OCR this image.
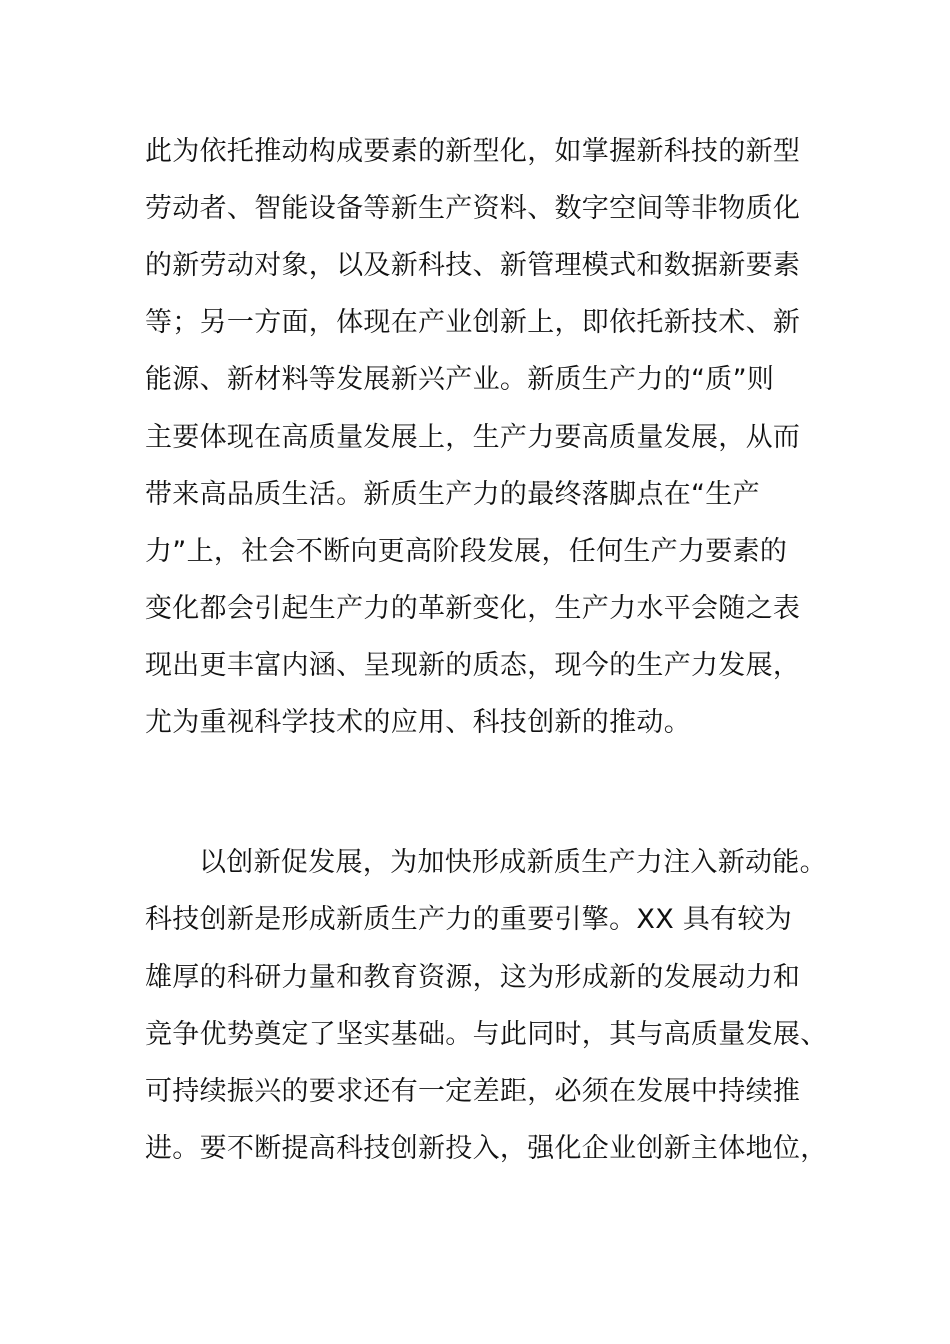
此为依托推动构成要素的新型化，如掌握新科技的新型
劳动者、智能设备等新生产资料、数字空间等非物质化
的新劳动对象，以及新科技、新管理模式和数据新要素
等；另一方面，体现在产业创新上，即依托新技术、新
能源、新材料等发展新兴产业。新质生产力的“质”则
主要体现在高质量发展上，生产力要高质量发展，从而
带来高品质生活。新质生产力的最终落脚点在“生产
力”上，社会不断向更高阶段发展，任何生产力要素的
变化都会引起生产力的革新变化，生产力水平会随之表
现出更丰富内涵、呈现新的质态，现今的生产力发展，
尤为重视科学技术的应用、科技创新的推动。
以创新促发展，为加快形成新质生产力注入新动能。
科技创新是形成新质生产力的重要引擎。XX 具有较为
雄厚的科研力量和教育资源，这为形成新的发展动力和
竞争优势奠定了坚实基础。与此同时，其与高质量发展、
可持续振兴的要求还有一定差距，必须在发展中持续推
进。要不断提高科技创新投入，强化企业创新主体地位，
